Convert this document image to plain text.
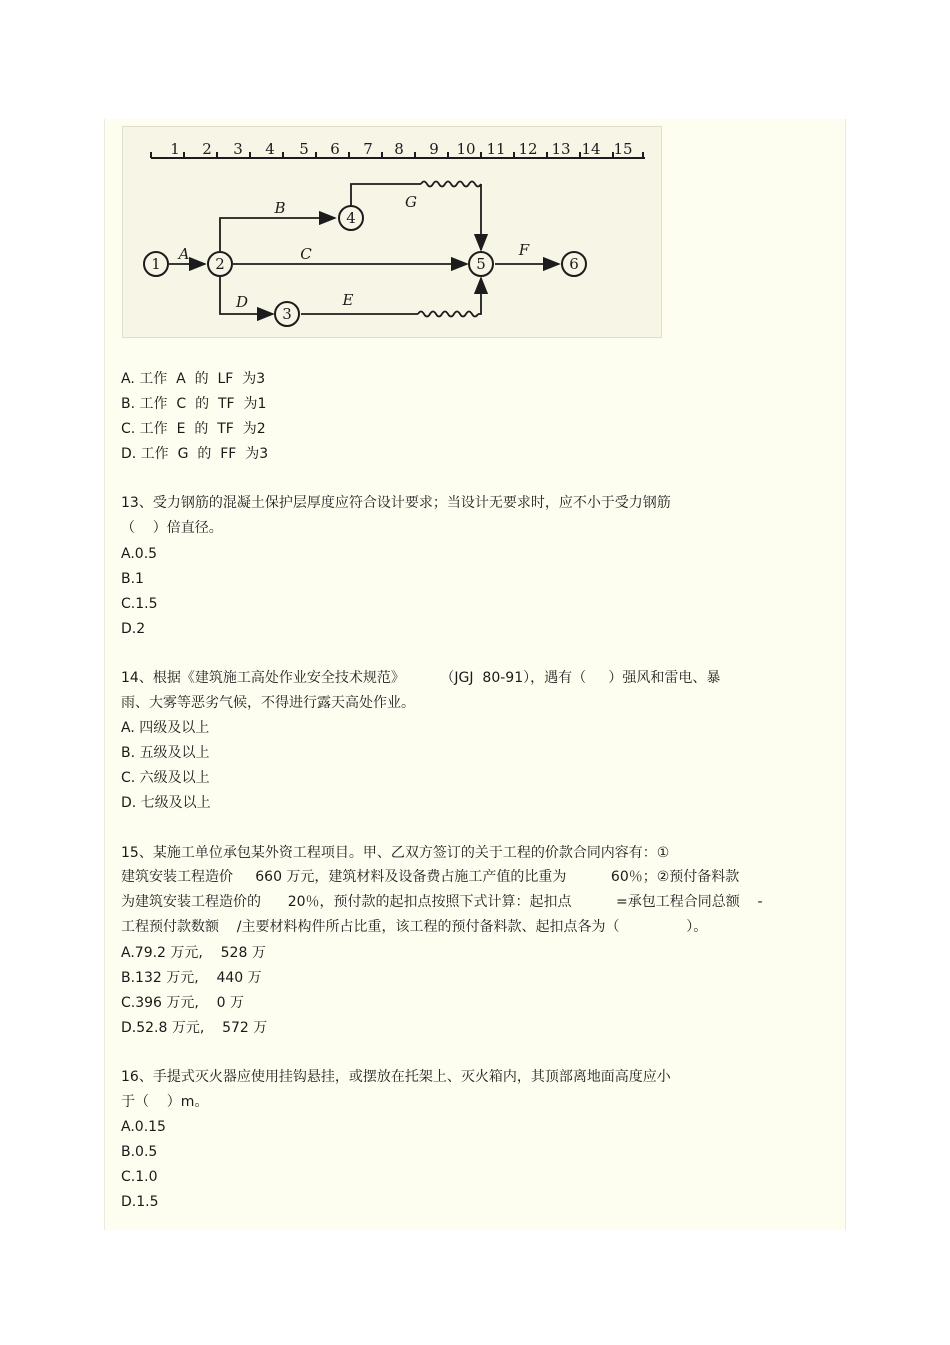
1 2 3 4 5 6 7 8 9 10 11 12 13 14 15
1	2
3
4
5	6
A
B
C
D	E
F
G
A. 工作  A  的  LF  为3
B. 工作  C  的  TF  为1
C. 工作  E  的  TF  为2
D. 工作  G  的  FF  为3
13、受力钢筋的混凝土保护层厚度应符合设计要求；当设计无要求时，应不小于受力钢筋
（    ）倍直径。
A.0.5
B.1
C.1.5
D.2
14、根据《建筑施工高处作业安全技术规范》        （JGJ  80-91），遇有（     ）强风和雷电、暴
雨、大雾等恶劣气候，不得进行露天高处作业。
A. 四级及以上
B. 五级及以上
C. 六级及以上
D. 七级及以上
15、某施工单位承包某外资工程项目。甲、乙双方签订的关于工程的价款合同内容有：①
建筑安装工程造价     660 万元，建筑材料及设备费占施工产值的比重为          60％；②预付备料款
为建筑安装工程造价的      20％，预付款的起扣点按照下式计算：起扣点          =承包工程合同总额    -
工程预付款数额    /主要材料构件所占比重，该工程的预付备料款、起扣点各为（               ）。
A.79.2 万元,    528 万
B.132 万元,    440 万
C.396 万元,    0 万
D.52.8 万元,    572 万
16、手提式灭火器应使用挂钩悬挂，或摆放在托架上、灭火箱内，其顶部离地面高度应小
于（    ）m。
A.0.15
B.0.5
C.1.0
D.1.5
